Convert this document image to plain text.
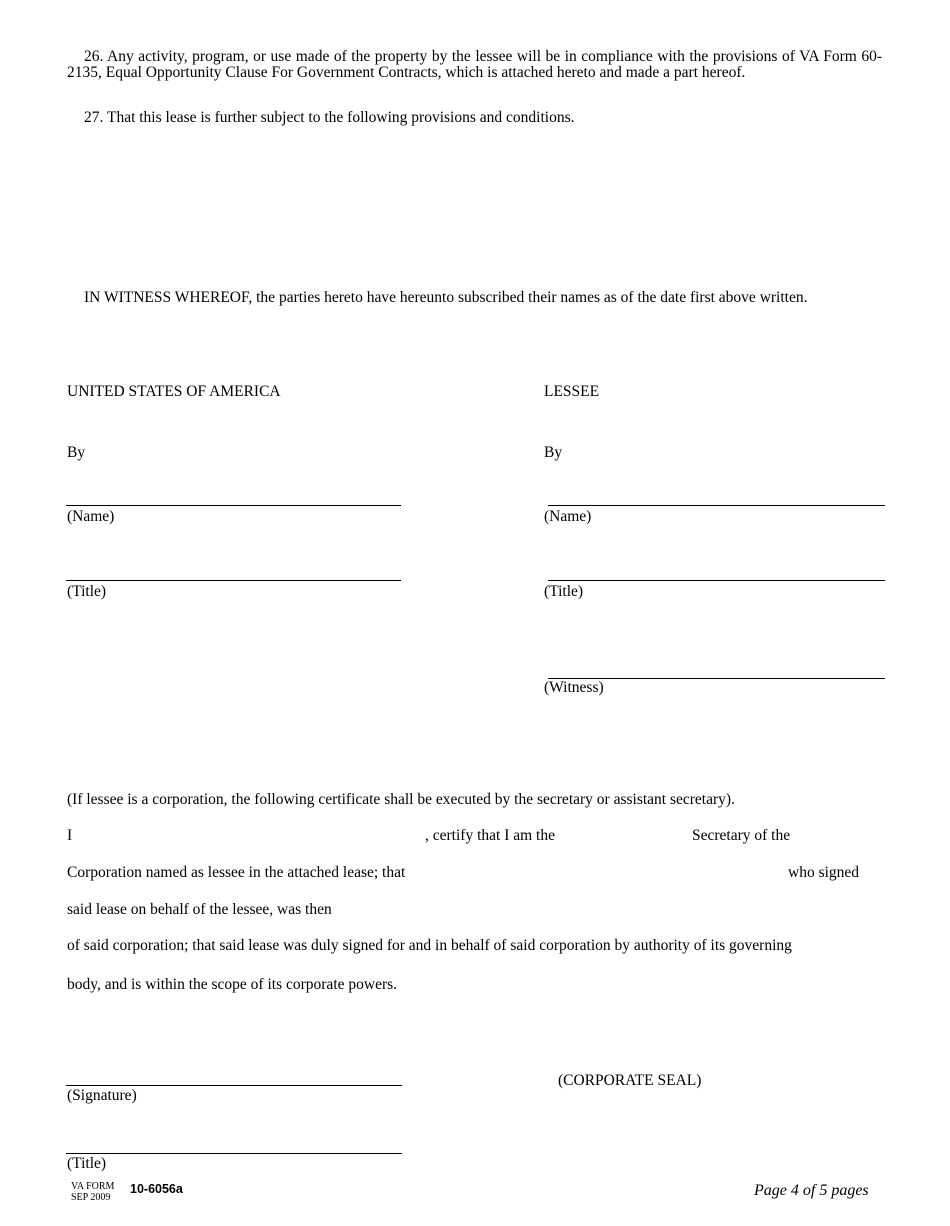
26. Any activity, program, or use made of the property by the lessee will be in compliance with the provisions of VA Form 60-2135, Equal Opportunity Clause For Government Contracts, which is attached hereto and made a part hereof.
27. That this lease is further subject to the following provisions and conditions.
IN WITNESS WHEREOF, the parties hereto have hereunto subscribed their names as of the date first above written.
UNITED STATES OF AMERICA
By
(Name)
(Title)
LESSEE
By
(Name)
(Title)
(Witness)
(If lessee is a corporation, the following certificate shall be executed by the secretary or assistant secretary).
I	, certify that I am the	Secretary of the
Corporation named as lessee in the attached lease; that	who signed
said lease on behalf of the lessee, was then
of said corporation; that said lease was duly signed for and in behalf of said corporation by authority of its governing
body, and is within the scope of its corporate powers.
(CORPORATE SEAL)
(Signature)
(Title)
VA FORM
SEP 2009
10-6056a	Page 4 of 5 pages
